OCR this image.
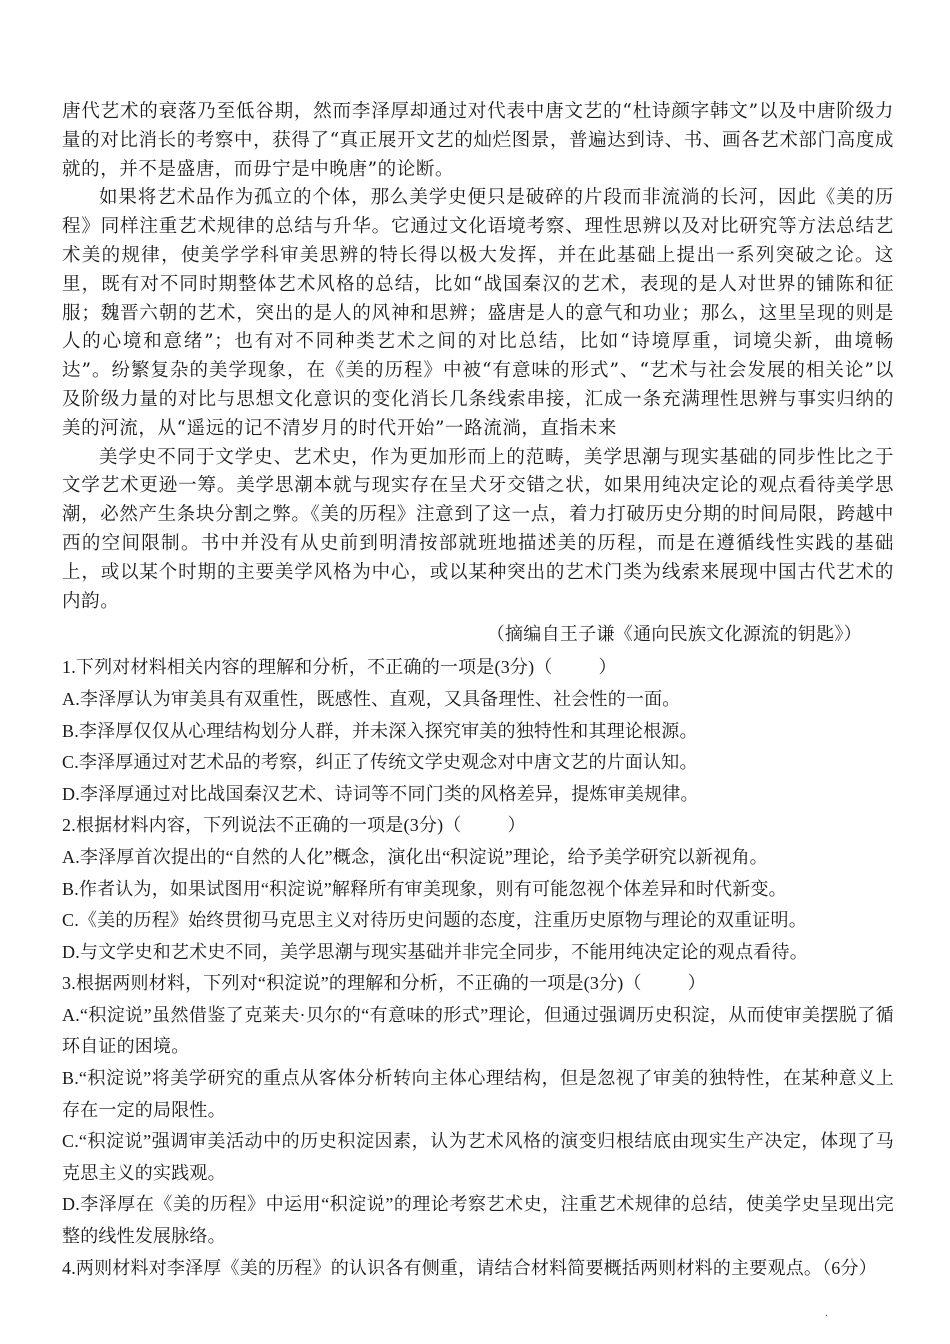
唐代艺术的衰落乃至低谷期，然而李泽厚却通过对代表中唐文艺的“杜诗颜字韩文”以及中唐阶级力量的对比消长的考察中，获得了“真正展开文艺的灿烂图景，普遍达到诗、书、画各艺术部门高度成就的，并不是盛唐，而毋宁是中晚唐”的论断。

如果将艺术品作为孤立的个体，那么美学史便只是破碎的片段而非流淌的长河，因此《美的历程》同样注重艺术规律的总结与升华。它通过文化语境考察、理性思辨以及对比研究等方法总结艺术美的规律，使美学学科审美思辨的特长得以极大发挥，并在此基础上提出一系列突破之论。这里，既有对不同时期整体艺术风格的总结，比如“战国秦汉的艺术，表现的是人对世界的铺陈和征服；魏晋六朝的艺术，突出的是人的风神和思辨；盛唐是人的意气和功业；那么，这里呈现的则是人的心境和意绪”；也有对不同种类艺术之间的对比总结，比如“诗境厚重，词境尖新，曲境畅达”。纷繁复杂的美学现象，在《美的历程》中被“有意味的形式”、“艺术与社会发展的相关论”以及阶级力量的对比与思想文化意识的变化消长几条线索串接，汇成一条充满理性思辨与事实归纳的美的河流，从“遥远的记不清岁月的时代开始”一路流淌，直指未来

美学史不同于文学史、艺术史，作为更加形而上的范畴，美学思潮与现实基础的同步性比之于文学艺术更逊一筹。美学思潮本就与现实存在呈犬牙交错之状，如果用纯决定论的观点看待美学思潮，必然产生条块分割之弊。《美的历程》注意到了这一点，着力打破历史分期的时间局限，跨越中西的空间限制。书中并没有从史前到明清按部就班地描述美的历程，而是在遵循线性实践的基础上，或以某个时期的主要美学风格为中心，或以某种突出的艺术门类为线索来展现中国古代艺术的内韵。

（摘编自王子谦《通向民族文化源流的钥匙》）

1.下列对材料相关内容的理解和分析，不正确的一项是(3分)（	）

A.李泽厚认为审美具有双重性，既感性、直观，又具备理性、社会性的一面。

B.李泽厚仅仅从心理结构划分人群，并未深入探究审美的独特性和其理论根源。

C.李泽厚通过对艺术品的考察，纠正了传统文学史观念对中唐文艺的片面认知。

D.李泽厚通过对比战国秦汉艺术、诗词等不同门类的风格差异，提炼审美规律。

2.根据材料内容，下列说法不正确的一项是(3分)（	）

A.李泽厚首次提出的“自然的人化”概念，演化出“积淀说”理论，给予美学研究以新视角。

B.作者认为，如果试图用“积淀说”解释所有审美现象，则有可能忽视个体差异和时代新变。

C.《美的历程》始终贯彻马克思主义对待历史问题的态度，注重历史原物与理论的双重证明。

D.与文学史和艺术史不同，美学思潮与现实基础并非完全同步，不能用纯决定论的观点看待。

3.根据两则材料，下列对“积淀说”的理解和分析，不正确的一项是(3分)（	）

A.“积淀说”虽然借鉴了克莱夫·贝尔的“有意味的形式”理论，但通过强调历史积淀，从而使审美摆脱了循环自证的困境。

B.“积淀说”将美学研究的重点从客体分析转向主体心理结构，但是忽视了审美的独特性，在某种意义上存在一定的局限性。

C.“积淀说”强调审美活动中的历史积淀因素，认为艺术风格的演变归根结底由现实生产决定，体现了马克思主义的实践观。

D.李泽厚在《美的历程》中运用“积淀说”的理论考察艺术史，注重艺术规律的总结，使美学史呈现出完整的线性发展脉络。

4.两则材料对李泽厚《美的历程》的认识各有侧重，请结合材料简要概括两则材料的主要观点。（6分）

·
